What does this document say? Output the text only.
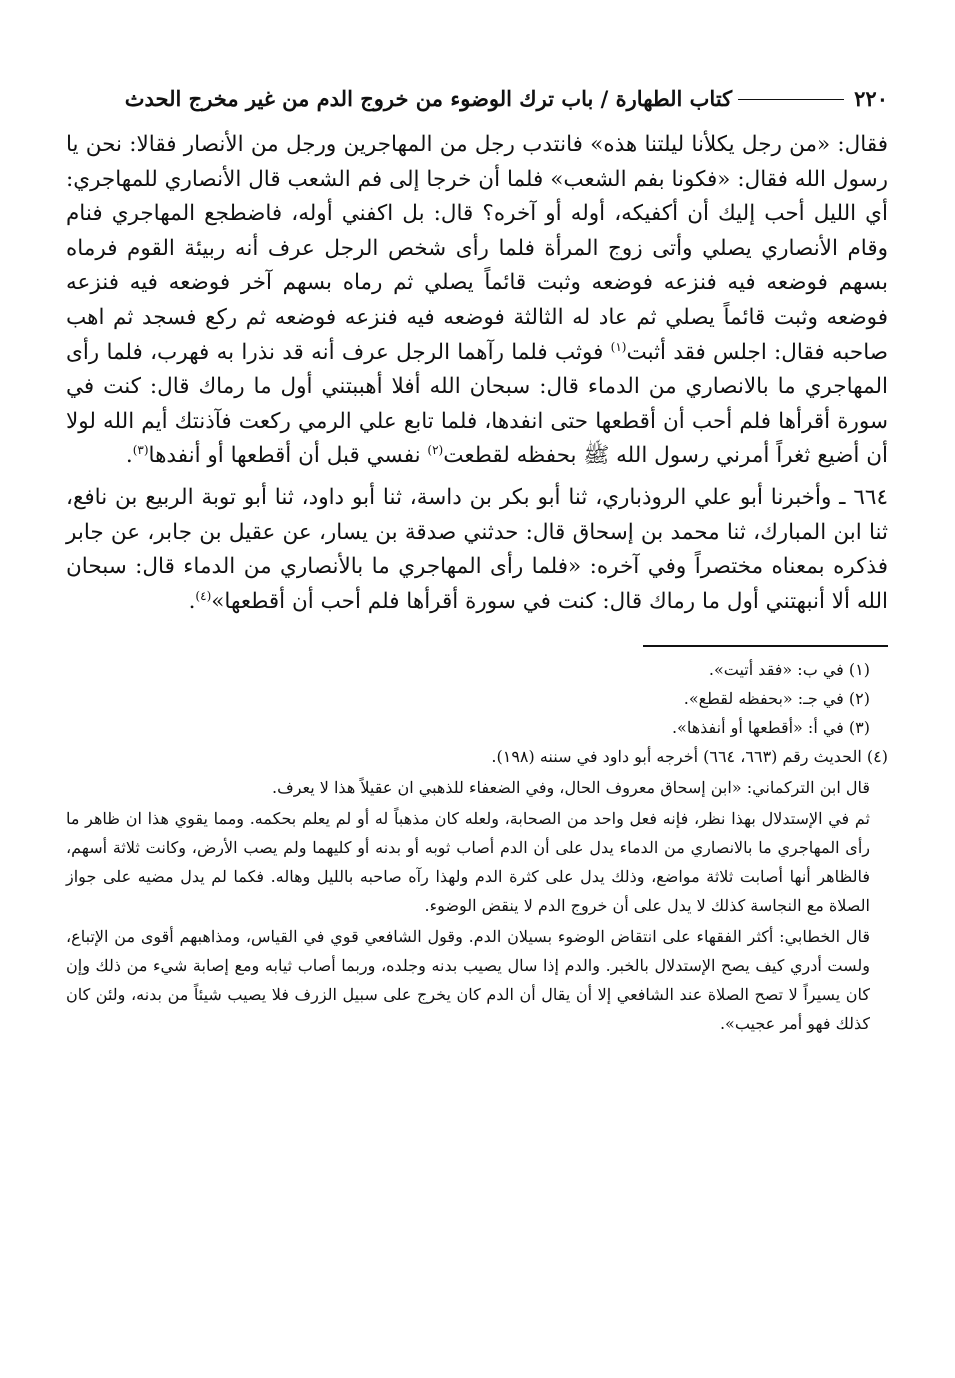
٢٢٠
كتاب الطهارة / باب ترك الوضوء من خروج الدم من غير مخرج الحدث

فقال: «من رجل يكلأنا ليلتنا هذه» فانتدب رجل من المهاجرين ورجل من الأنصار فقالا: نحن يا رسول الله فقال: «فكونا بفم الشعب» فلما أن خرجا إلى فم الشعب قال الأنصاري للمهاجري: أي الليل أحب إليك أن أكفيكه، أوله أو آخره؟ قال: بل اكفني أوله، فاضطجع المهاجري فنام وقام الأنصاري يصلي وأتى زوج المرأة فلما رأى شخص الرجل عرف أنه ربيئة القوم فرماه بسهم فوضعه فيه فنزعه فوضعه وثبت قائماً يصلي ثم رماه بسهم آخر فوضعه فيه فنزعه فوضعه وثبت قائماً يصلي ثم عاد له الثالثة فوضعه فيه فنزعه فوضعه ثم ركع فسجد ثم اهب صاحبه فقال: اجلس فقد أثبت$^{(١)}$ فوثب فلما رآهما الرجل عرف أنه قد نذرا به فهرب، فلما رأى المهاجري ما بالانصاري من الدماء قال: سبحان الله أفلا أهببتني أول ما رماك قال: كنت في سورة أقرأها فلم أحب أن أقطعها حتى انفدها، فلما تابع علي الرمي ركعت فآذنتك أيم الله لولا أن أضيع ثغراً أمرني رسول الله ﷺ بحفظه لقطعت$^{(٢)}$ نفسي قبل أن أقطعها أو أنفدها$^{(٣)}$.

٦٦٤ ـ وأخبرنا أبو علي الروذباري، ثنا أبو بكر بن داسة، ثنا أبو داود، ثنا أبو توبة الربيع بن نافع، ثنا ابن المبارك، ثنا محمد بن إسحاق قال: حدثني صدقة بن يسار، عن عقيل بن جابر، عن جابر فذكره بمعناه مختصراً وفي آخره: «فلما رأى المهاجري ما بالأنصاري من الدماء قال: سبحان الله ألا أنبهتني أول ما رماك قال: كنت في سورة أقرأها فلم أحب أن أقطعها»$^{(٤)}$.

(١) في ب: «فقد أتيت».

(٢) في جـ: «بحفظه لقطع».

(٣) في أ: «أقطعها أو أنفذها».

(٤) الحديث رقم (٦٦٣، ٦٦٤) أخرجه أبو داود في سننه (١٩٨).

قال ابن التركماني: «ابن إسحاق معروف الحال، وفي الضعفاء للذهبي ان عقيلاً هذا لا يعرف.

ثم في الإستدلال بهذا نظر، فإنه فعل واحد من الصحابة، ولعله كان مذهباً له أو لم يعلم بحكمه. ومما يقوي هذا ان ظاهر ما رأى المهاجري ما بالانصاري من الدماء يدل على أن الدم أصاب ثوبه أو بدنه أو كليهما ولم يصب الأرض، وكانت ثلاثة أسهم، فالظاهر أنها أصابت ثلاثة مواضع، وذلك يدل على كثرة الدم ولهذا رآه صاحبه بالليل وهاله. فكما لم يدل مضيه على جواز الصلاة مع النجاسة كذلك لا يدل على أن خروج الدم لا ينقض الوضوء.

قال الخطابي: أكثر الفقهاء على انتقاض الوضوء بسيلان الدم. وقول الشافعي قوي في القياس، ومذاهبهم أقوى من الإتباع، ولست أدري كيف يصح الإستدلال بالخبر. والدم إذا سال يصيب بدنه وجلده، وربما أصاب ثيابه ومع إصابة شيء من ذلك وإن كان يسيراً لا تصح الصلاة عند الشافعي إلا أن يقال أن الدم كان يخرج على سبيل الزرف فلا يصيب شيئاً من بدنه، ولئن كان كذلك فهو أمر عجيب».
